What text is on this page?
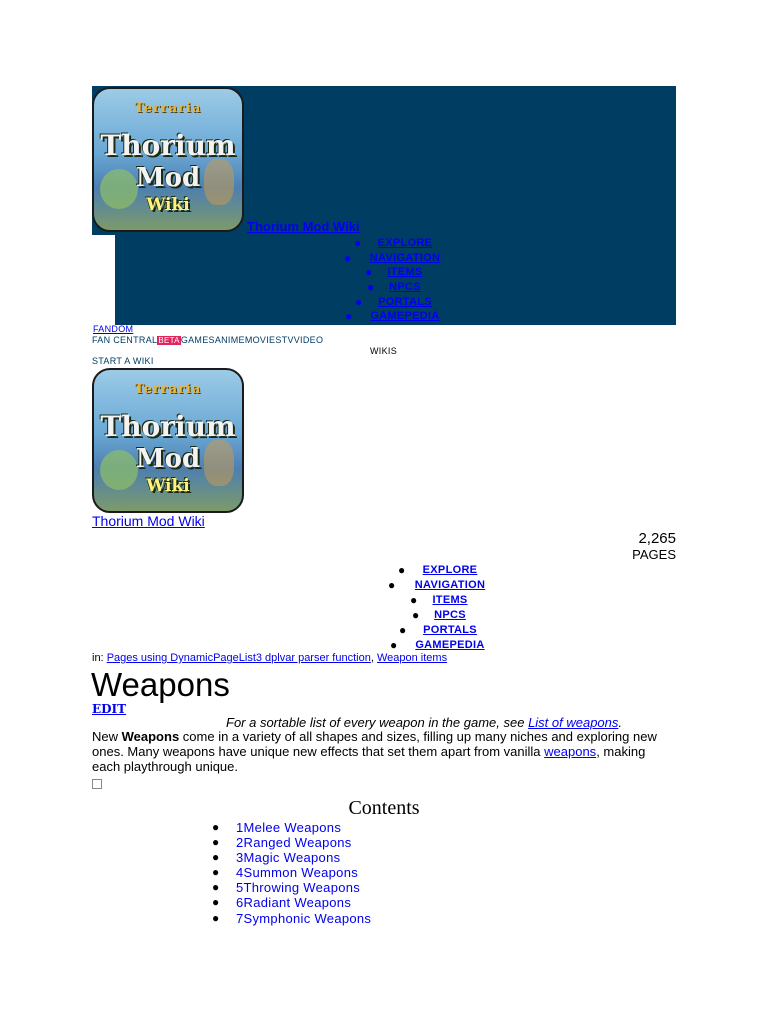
Terraria
Thorium
Mod
Wiki
Thorium Mod Wiki
● EXPLORE
● NAVIGATION
● ITEMS
● NPCS
● PORTALS
● GAMEPEDIA
FANDOM
FAN CENTRALBETAGAMESANIMEMOVIESTVVIDEO
WIKIS
START A WIKI
Terraria
Thorium
Mod
Wiki
Thorium Mod Wiki
2,265
PAGES
● EXPLORE
● NAVIGATION
● ITEMS
● NPCS
● PORTALS
● GAMEPEDIA
in: Pages using DynamicPageList3 dplvar parser function, Weapon items
Weapons
EDIT
For a sortable list of every weapon in the game, see List of weapons.

New Weapons come in a variety of all shapes and sizes, filling up many niches and exploring new ones. Many weapons have unique new effects that set them apart from vanilla weapons, making each playthrough unique.

Contents
● 1Melee Weapons
● 2Ranged Weapons
● 3Magic Weapons
● 4Summon Weapons
● 5Throwing Weapons
● 6Radiant Weapons
● 7Symphonic Weapons
